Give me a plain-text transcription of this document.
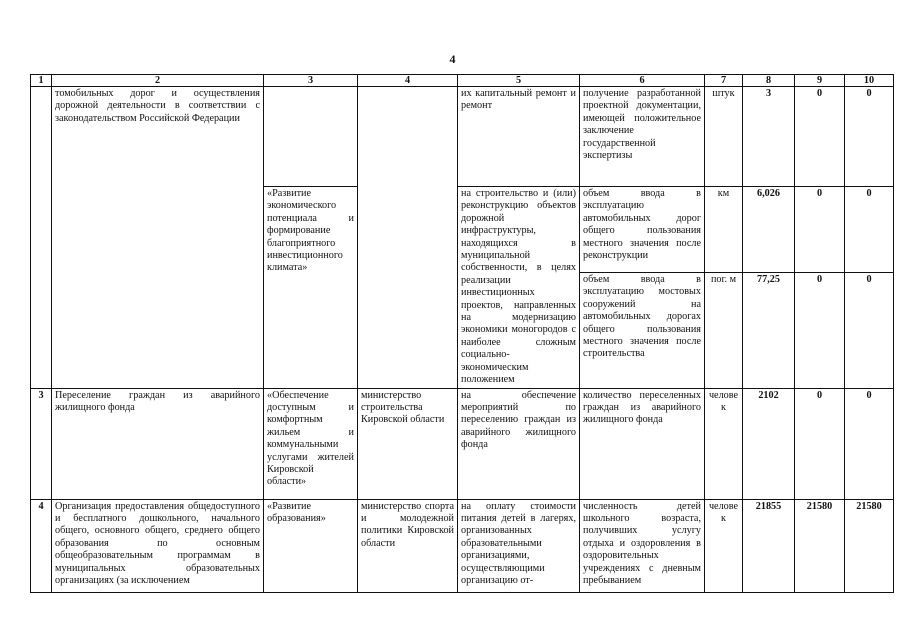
4
1	2	3	4	5	6	7	8	9	10
	томобильных дорог и осуществления дорожной деятельности в соответствии с законодательством Российской Федерации			их капитальный ремонт и ремонт	получение разработанной проектной документации, имеющей положительное заключение государственной экспертизы	штук	3	0	0
		«Развитие экономического потенциала и формирование благоприятного инвестиционного климата»		на строительство и (или) реконструкцию объектов дорожной инфраструктуры, находящихся в муниципальной собственности, в целях реализации инвестиционных проектов, направленных на модернизацию экономики моногородов с наиболее сложным социально-экономическим положением	объем ввода в эксплуатацию автомобильных дорог общего пользования местного значения после реконструкции	км	6,026	0	0
					объем ввода в эксплуатацию мостовых сооружений на автомобильных дорогах общего пользования местного значения после строительства	пог. м	77,25	0	0
3	Переселение граждан из аварийного жилищного фонда	«Обеспечение доступным и комфортным жильем и коммунальными услугами жителей Кировской области»	министерство строительства Кировской области	на обеспечение мероприятий по переселению граждан из аварийного жилищного фонда	количество переселенных граждан из аварийного жилищного фонда	человек	2102	0	0
4	Организация предоставления общедоступного и бесплатного дошкольного, начального общего, основного общего, среднего общего образования по основным общеобразовательным программам в муниципальных образовательных организациях (за исключением	«Развитие образования»	министерство спорта и молодежной политики Кировской области	на оплату стоимости питания детей в лагерях, организованных образовательными организациями, осуществляющими организацию от-	численность детей школьного возраста, получивших услугу отдыха и оздоровления в оздоровительных учреждениях с дневным пребыванием	человек	21855	21580	21580
